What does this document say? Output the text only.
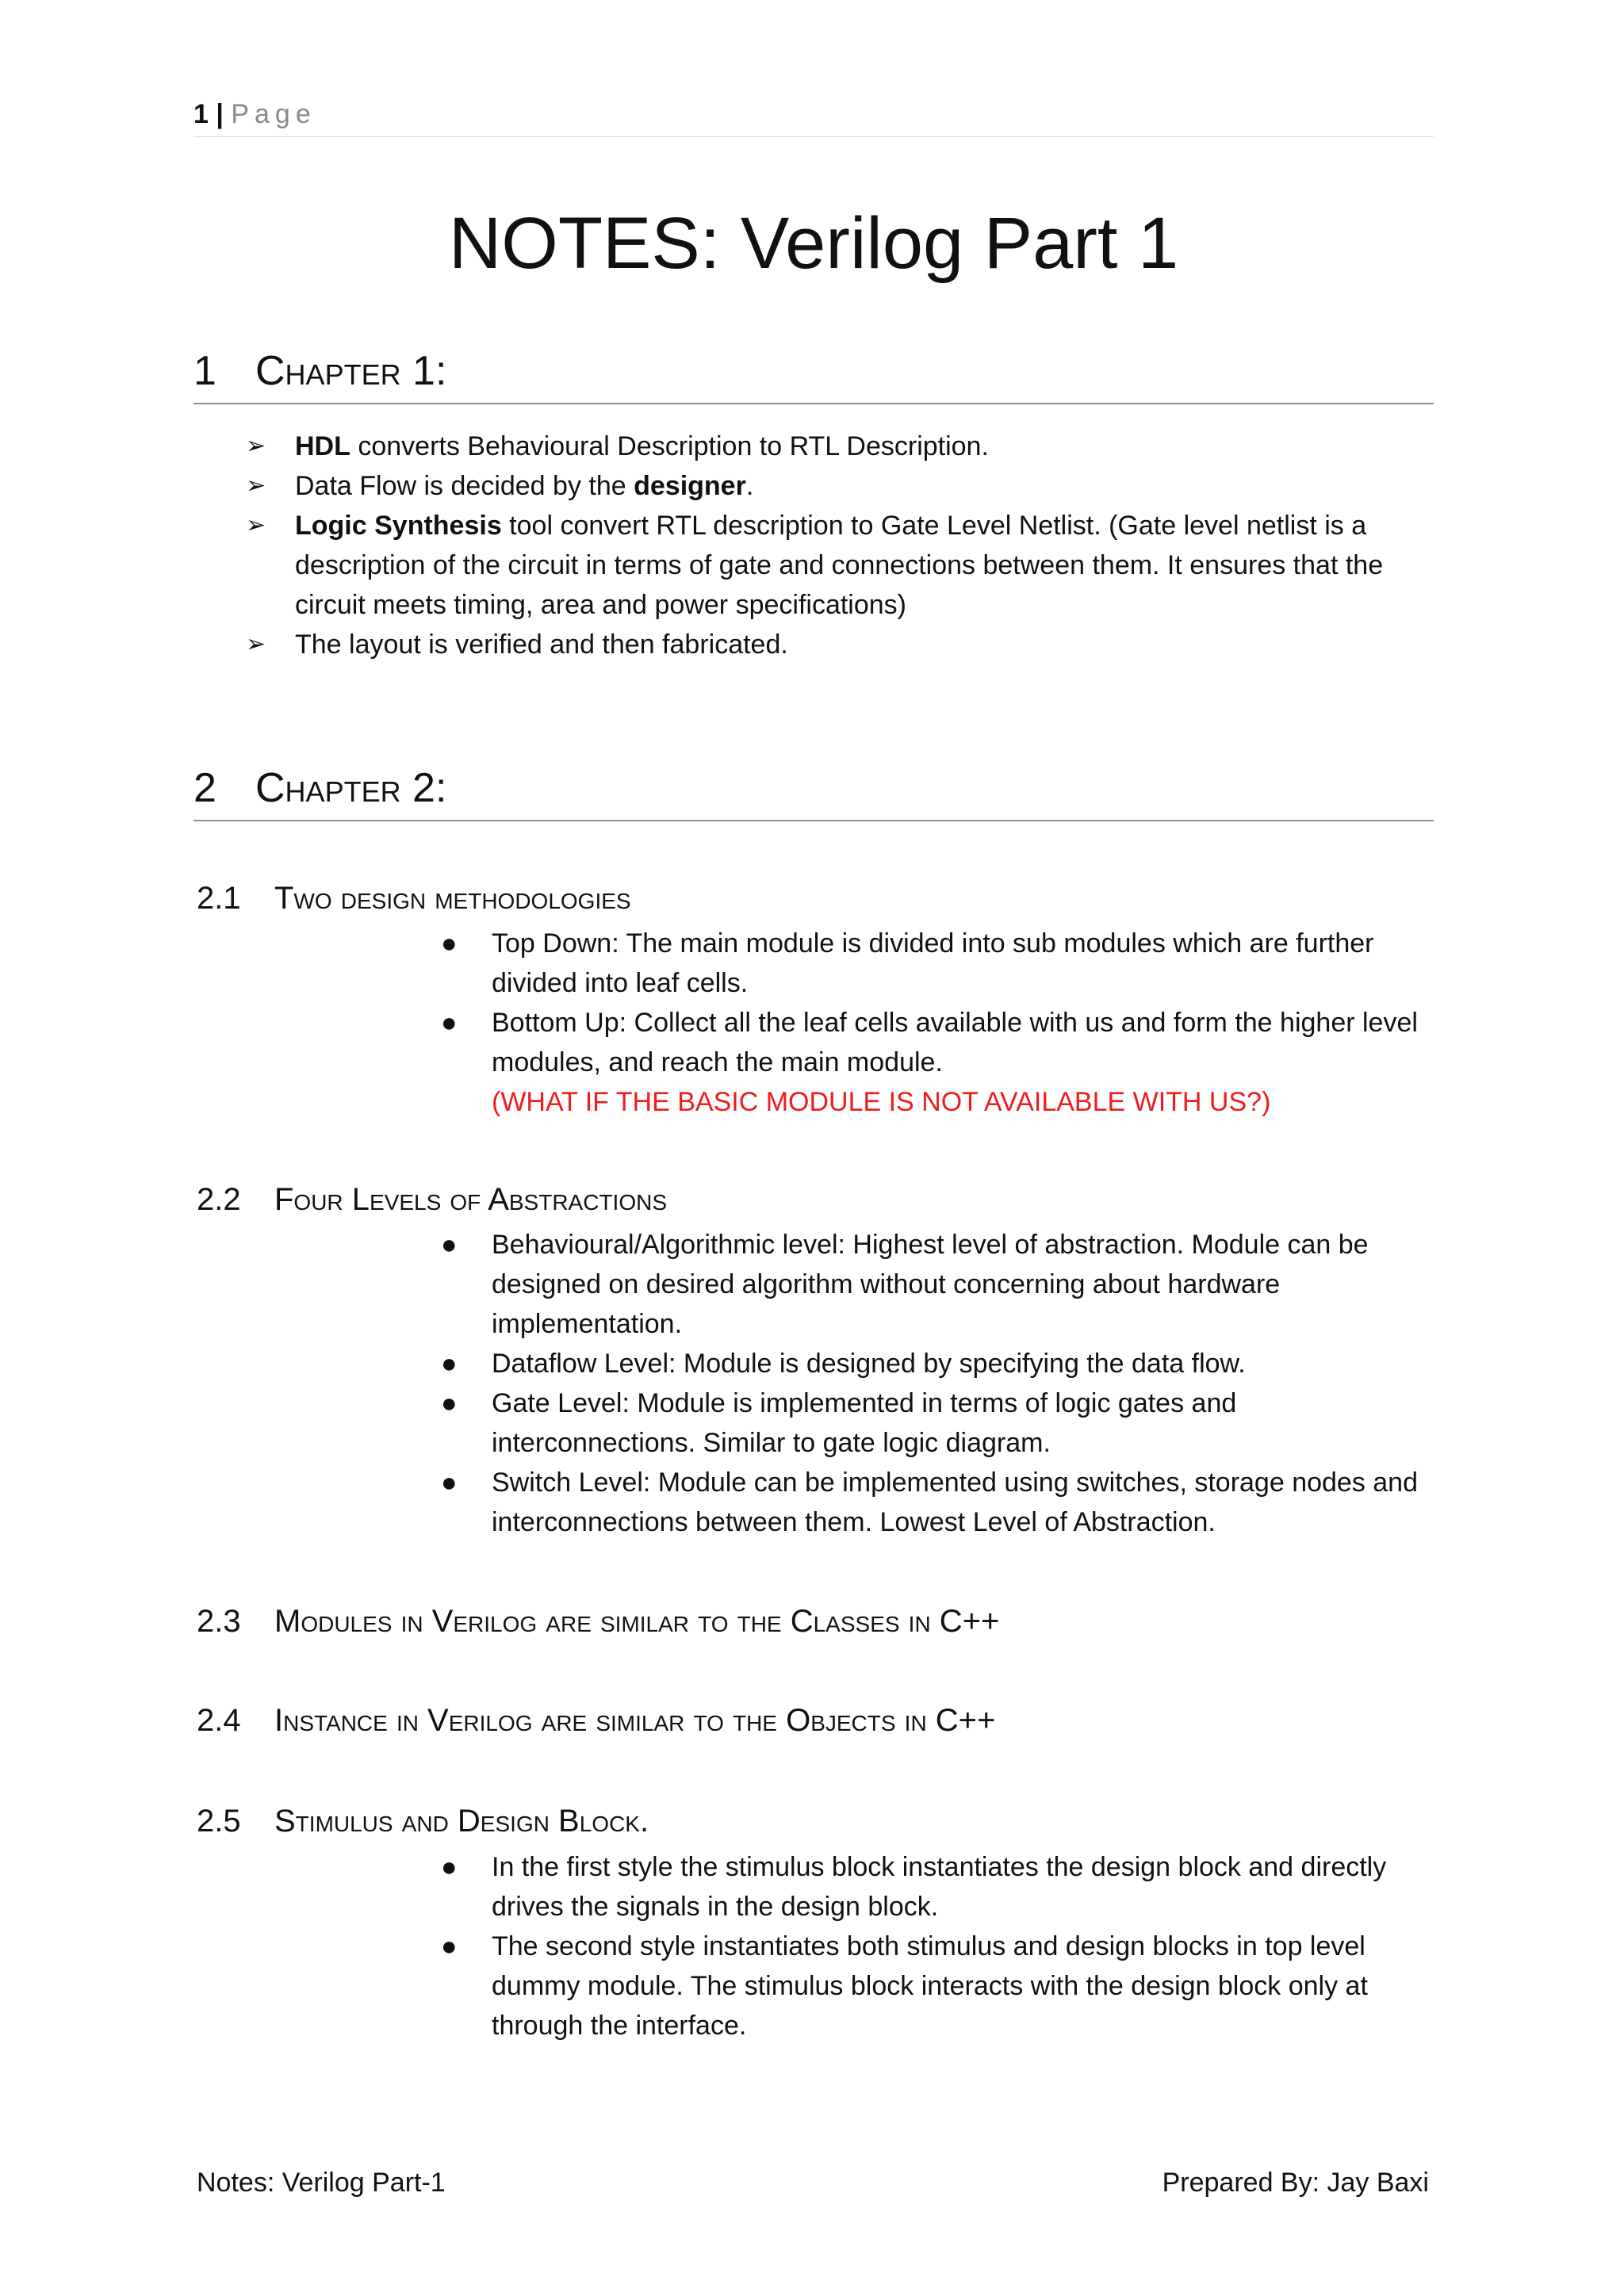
1 | Page
NOTES: Verilog Part 1
1 Chapter 1:
➢ HDL converts Behavioural Description to RTL Description.
➢ Data Flow is decided by the designer.
➢ Logic Synthesis tool convert RTL description to Gate Level Netlist. (Gate level netlist is a description of the circuit in terms of gate and connections between them. It ensures that the circuit meets timing, area and power specifications)
➢ The layout is verified and then fabricated.
2 Chapter 2:
2.1 Two design methodologies
● Top Down: The main module is divided into sub modules which are further divided into leaf cells.
● Bottom Up: Collect all the leaf cells available with us and form the higher level modules, and reach the main module.
(WHAT IF THE BASIC MODULE IS NOT AVAILABLE WITH US?)
2.2 Four Levels of Abstractions
● Behavioural/Algorithmic level: Highest level of abstraction. Module can be designed on desired algorithm without concerning about hardware implementation.
● Dataflow Level: Module is designed by specifying the data flow.
● Gate Level: Module is implemented in terms of logic gates and interconnections. Similar to gate logic diagram.
● Switch Level: Module can be implemented using switches, storage nodes and interconnections between them. Lowest Level of Abstraction.
2.3 Modules in Verilog are similar to the Classes in C++
2.4 Instance in Verilog are similar to the Objects in C++
2.5 Stimulus and Design Block.
● In the first style the stimulus block instantiates the design block and directly drives the signals in the design block.
● The second style instantiates both stimulus and design blocks in top level dummy module. The stimulus block interacts with the design block only at through the interface.
Notes: Verilog Part-1	Prepared By: Jay Baxi
